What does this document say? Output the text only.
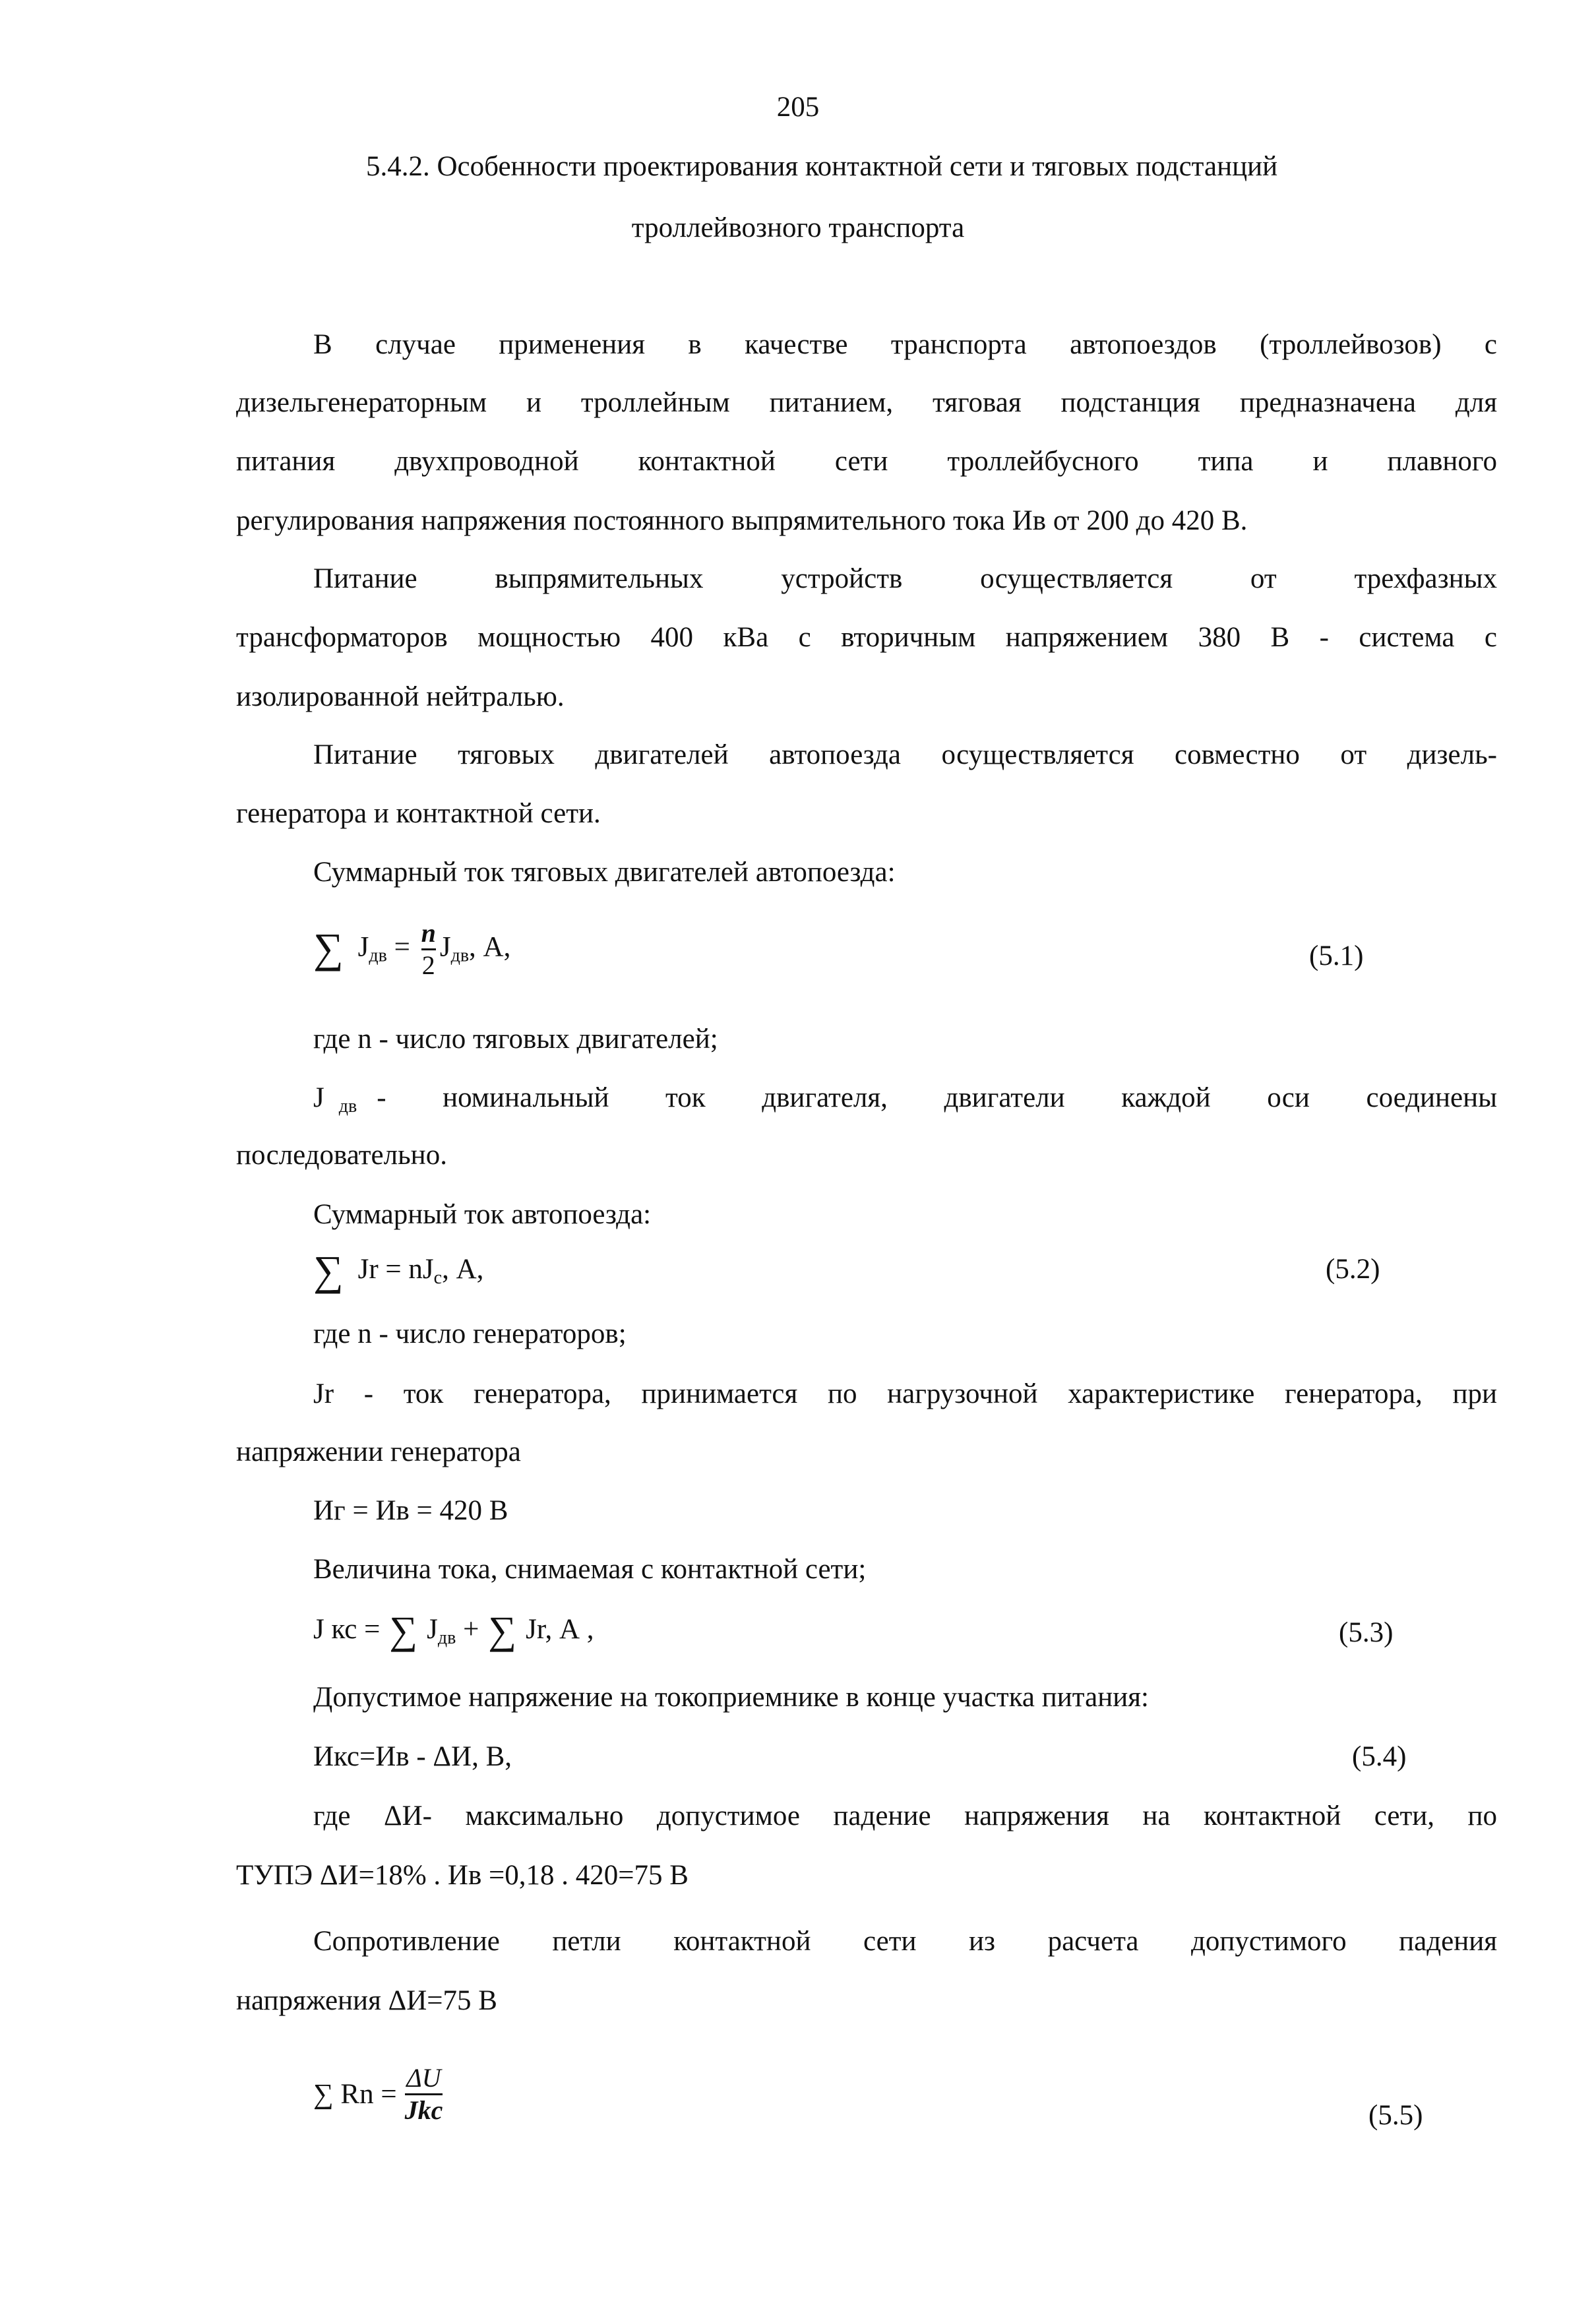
205
5.4.2. Особенности проектирования контактной сети и тяговых подстанций
троллейвозного транспорта
В случае применения в качестве транспорта автопоездов (троллейвозов) с
дизельгенераторным и троллейным питанием, тяговая подстанция предназначена для
питания двухпроводной контактной сети троллейбусного типа и плавного
регулирования напряжения постоянного выпрямительного тока Ив от 200 до 420 В.
Питание выпрямительных устройств осуществляется от трехфазных
трансформаторов мощностью 400 кВа с вторичным напряжением 380 В - система с
изолированной нейтралью.
Питание тяговых двигателей автопоезда осуществляется совместно от дизель-
генератора и контактной сети.
Суммарный ток тяговых двигателей автопоезда:
∑ $J_{дв} = \frac{n}{2} J_{дв}$, А,	(5.1)
где n - число тяговых двигателей;
J $_{дв}$ - номинальный ток двигателя, двигатели каждой оси соединены
последовательно.
Суммарный ток автопоезда:
∑ $Jr = nJ_c$, А,	(5.2)
где n - число генераторов;
Jr - ток генератора, принимается по нагрузочной характеристике генератора, при
напряжении генератора
Иг = Ив = 420 В
Величина тока, снимаемая с контактной сети;
J кс = ∑ $J_{дв}$ + ∑ Jr, А ,	(5.3)
Допустимое напряжение на токоприемнике в конце участка питания:
Икс=Ив - ΔИ, В,	(5.4)
где ΔИ- максимально допустимое падение напряжения на контактной сети, по
ТУПЭ ΔИ=18% . Ив =0,18 . 420=75 В
Сопротивление петли контактной сети из расчета допустимого падения
напряжения ΔИ=75 В
∑ $Rn = \frac{\Delta U}{\text{Jkc}}$	(5.5)
